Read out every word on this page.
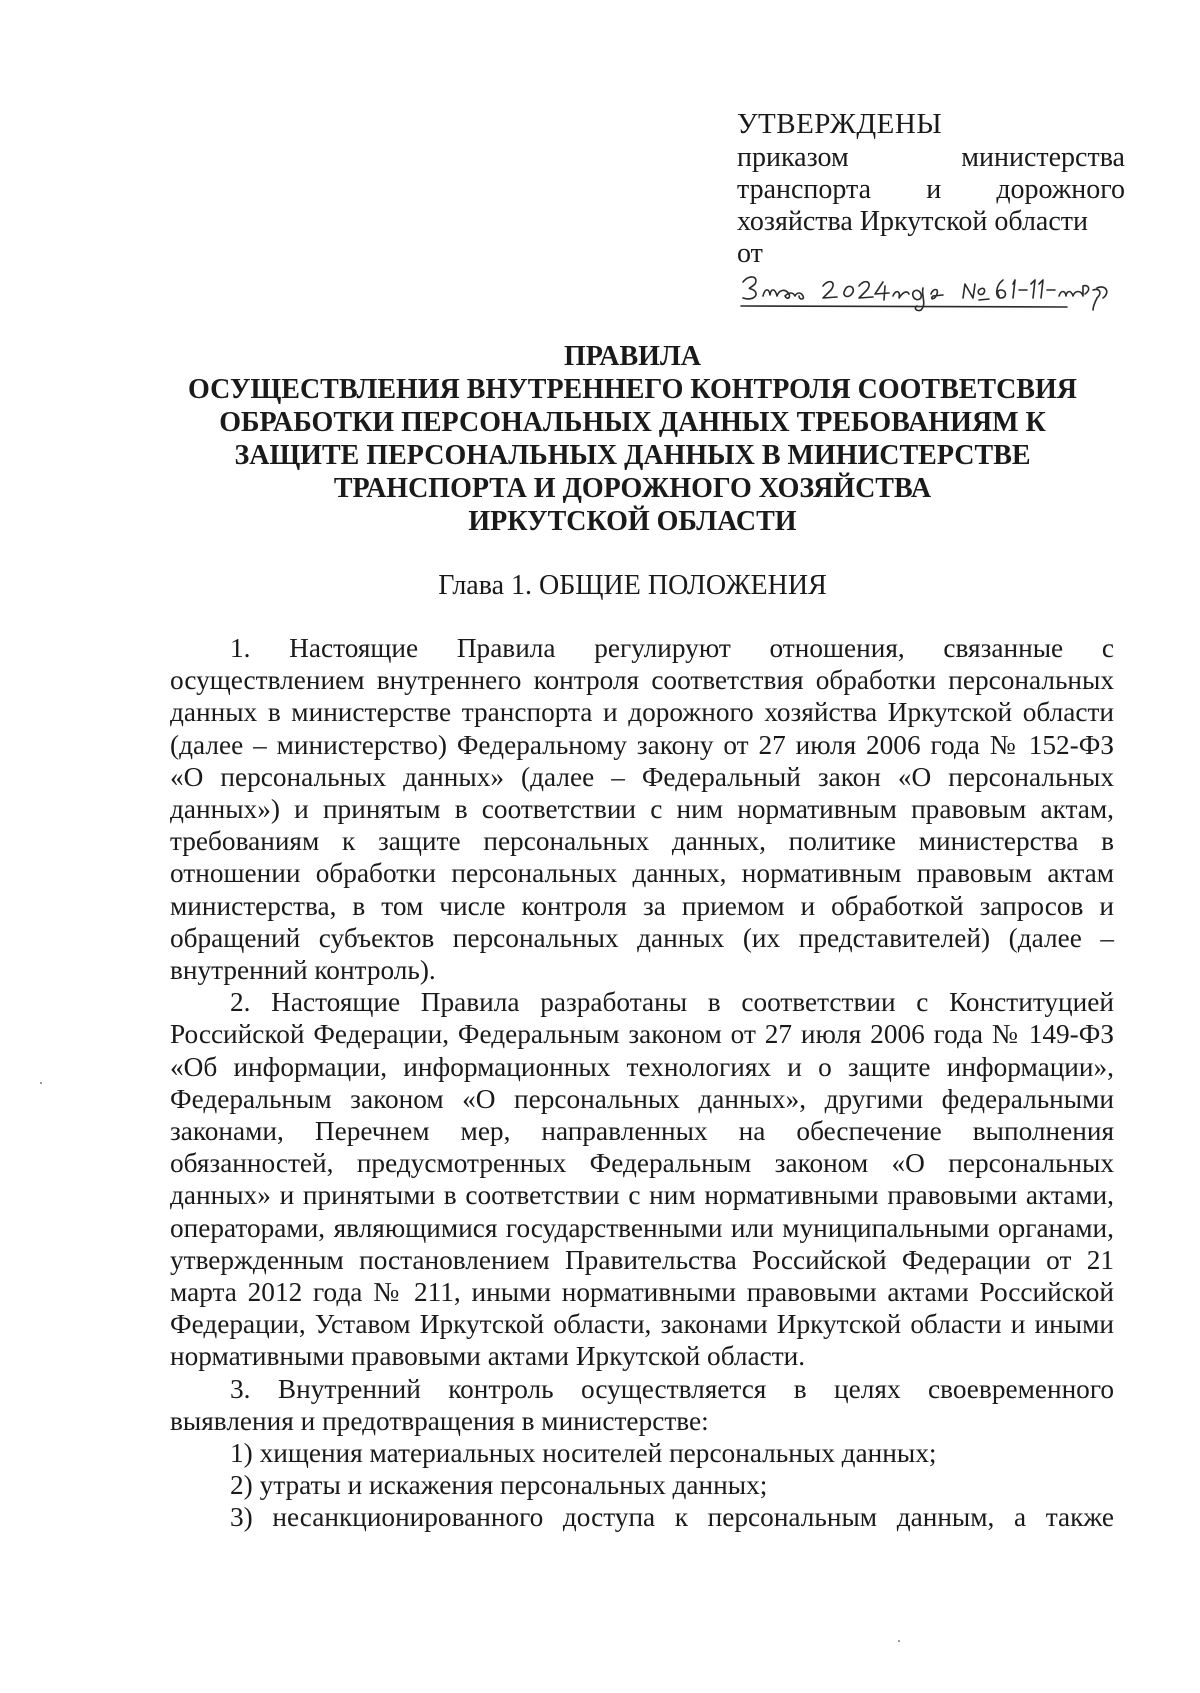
УТВЕРЖДЕНЫ
приказом	министерства
транспорта и дорожного
хозяйства Иркутской области
от
ПРАВИЛА
ОСУЩЕСТВЛЕНИЯ ВНУТРЕННЕГО КОНТРОЛЯ СООТВЕТСВИЯ
ОБРАБОТКИ ПЕРСОНАЛЬНЫХ ДАННЫХ ТРЕБОВАНИЯМ К
ЗАЩИТЕ ПЕРСОНАЛЬНЫХ ДАННЫХ В МИНИСТЕРСТВЕ
ТРАНСПОРТА И ДОРОЖНОГО ХОЗЯЙСТВА
ИРКУТСКОЙ ОБЛАСТИ
Глава 1. ОБЩИЕ ПОЛОЖЕНИЯ

1. Настоящие Правила регулируют отношения, связанные с осуществлением внутреннего контроля соответствия обработки персональных данных в министерстве транспорта и дорожного хозяйства Иркутской области (далее – министерство) Федеральному закону от 27 июля 2006 года № 152-ФЗ «О персональных данных» (далее – Федеральный закон «О персональных данных») и принятым в соответствии с ним нормативным правовым актам, требованиям к защите персональных данных, политике министерства в отношении обработки персональных данных, нормативным правовым актам министерства, в том числе контроля за приемом и обработкой запросов и обращений субъектов персональных данных (их представителей) (далее – внутренний контроль).

2. Настоящие Правила разработаны в соответствии с Конституцией Российской Федерации, Федеральным законом от 27 июля 2006 года № 149-ФЗ «Об информации, информационных технологиях и о защите информации», Федеральным законом «О персональных данных», другими федеральными законами, Перечнем мер, направленных на обеспечение выполнения обязанностей, предусмотренных Федеральным законом «О персональных данных» и принятыми в соответствии с ним нормативными правовыми актами, операторами, являющимися государственными или муниципальными органами, утвержденным постановлением Правительства Российской Федерации от 21 марта 2012 года № 211, иными нормативными правовыми актами Российской Федерации, Уставом Иркутской области, законами Иркутской области и иными нормативными правовыми актами Иркутской области.

3. Внутренний контроль осуществляется в целях своевременного выявления и предотвращения в министерстве:

1) хищения материальных носителей персональных данных;

2) утраты и искажения персональных данных;

3) несанкционированного доступа к персональным данным, а также
